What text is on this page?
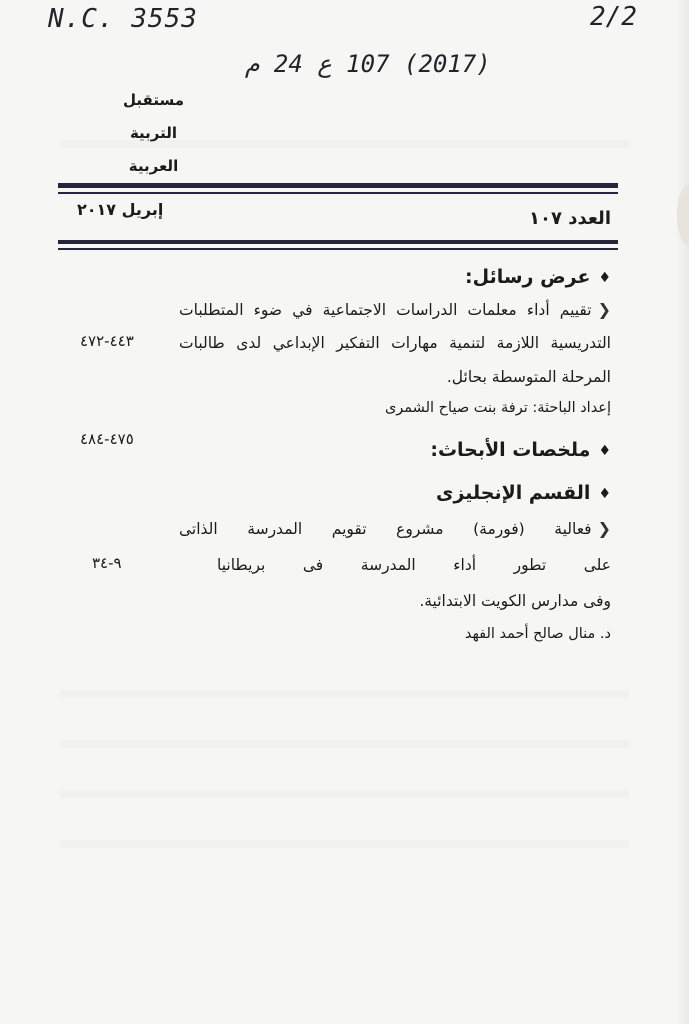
N.C. 3553	2/2
(2017) 107 ع 24 م
مستقبل
التربية
العربية
العدد ١٠٧
إبريل ٢٠١٧
♦عرض رسائل:
❮تقييم أداء معلمات الدراسات الاجتماعية في ضوء المتطلبات
التدريسية اللازمة لتنمية مهارات التفكير الإبداعي لدى طالبات
المرحلة المتوسطة بحائل.
إعداد الباحثة: ترفة بنت صياح الشمرى
٤٤٣-٤٧٢
♦ملخصات الأبحاث:
٤٧٥-٤٨٤
♦القسم الإنجليزى
❮فعالية (فورمة) مشروع تقويم المدرسة الذاتى
على تطور أداء المدرسة فى بريطانيا
وفى مدارس الكويت الابتدائية.
د. منال صالح أحمد الفهد
٩-٣٤
